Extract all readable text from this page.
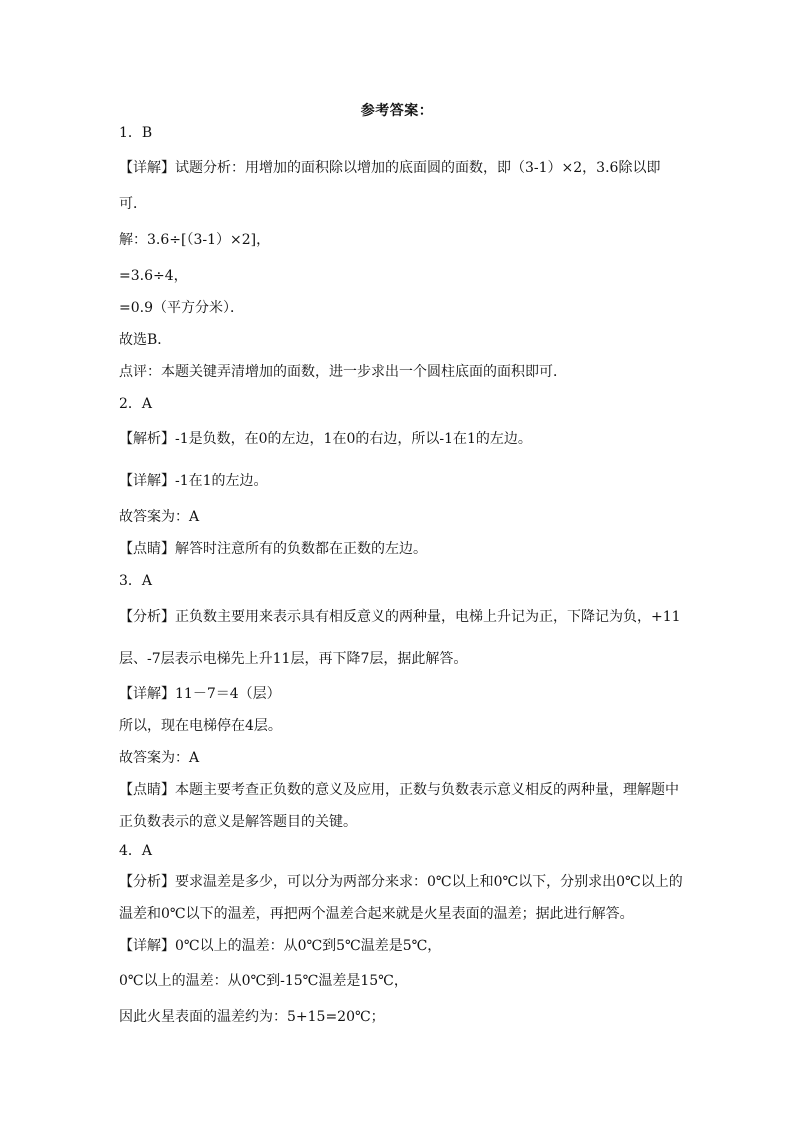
参考答案：
1．B
【详解】试题分析：用增加的面积除以增加的底面圆的面数，即（3-1）×2，3.6除以即
可．
解：3.6÷[（3-1）×2]，
=3.6÷4，
=0.9（平方分米）．
故选B．
点评：本题关键弄清增加的面数，进一步求出一个圆柱底面的面积即可．
2．A
【解析】-1是负数，在0的左边，1在0的右边，所以-1在1的左边。
【详解】-1在1的左边。
故答案为：A
【点睛】解答时注意所有的负数都在正数的左边。
3．A
【分析】正负数主要用来表示具有相反意义的两种量，电梯上升记为正，下降记为负，+11
层、-7层表示电梯先上升11层，再下降7层，据此解答。
【详解】11－7＝4（层）
所以，现在电梯停在4层。
故答案为：A
【点睛】本题主要考查正负数的意义及应用，正数与负数表示意义相反的两种量，理解题中
正负数表示的意义是解答题目的关键。
4．A
【分析】要求温差是多少，可以分为两部分来求：0℃以上和0℃以下，分别求出0℃以上的
温差和0℃以下的温差，再把两个温差合起来就是火星表面的温差；据此进行解答。
【详解】0℃以上的温差：从0℃到5℃温差是5℃，
0℃以上的温差：从0℃到-15℃温差是15℃，
因此火星表面的温差约为：5+15=20℃；
